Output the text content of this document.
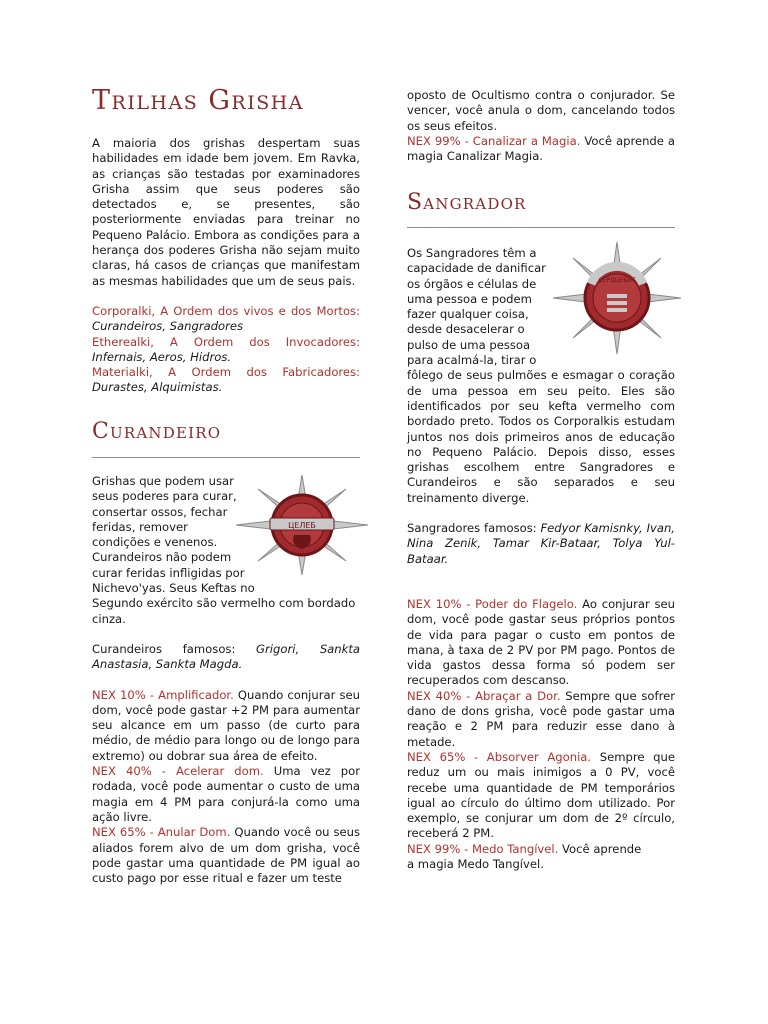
Trilhas Grisha

A maioria dos grishas despertam suas habilidades em idade bem jovem. Em Ravka, as crianças são testadas por examinadores Grisha assim que seus poderes são detectados e, se presentes, são posteriormente enviadas para treinar no Pequeno Palácio. Embora as condições para a herança dos poderes Grisha não sejam muito claras, há casos de crianças que manifestam as mesmas habilidades que um de seus pais.

Corporalki, A Ordem dos vivos e dos Mortos:

Curandeiros, Sangradores

Etherealki, A Ordem dos Invocadores:

Infernais, Aeros, Hidros.

Materialki, A Ordem dos Fabricadores:

Durastes, Alquimistas.

Curandeiro

Grishas que podem usar

seus poderes para curar,

consertar ossos, fechar

feridas, remover

condições e venenos.

Curandeiros não podem

curar feridas infligidas por

Nichevo'yas. Seus Keftas no

Segundo exército são vermelho com bordado cinza.

Curandeiros famosos: Grigori, Sankta Anastasia, Sankta Magda.

NEX 10% - Amplificador. Quando conjurar seu dom, você pode gastar +2 PM para aumentar seu alcance em um passo (de curto para médio, de médio para longo ou de longo para extremo) ou dobrar sua área de efeito.

NEX 40% - Acelerar dom. Uma vez por rodada, você pode aumentar o custo de uma magia em 4 PM para conjurá-la como uma ação livre.

NEX 65% - Anular Dom. Quando você ou seus aliados forem alvo de um dom grisha, você pode gastar uma quantidade de PM igual ao custo pago por esse ritual e fazer um teste

ЦЕЛЕБ

oposto de Ocultismo contra o conjurador. Se vencer, você anula o dom, cancelando todos os seus efeitos.

NEX 99% - Canalizar a Magia. Você aprende a magia Canalizar Magia.

Sangrador

Os Sangradores têm a

capacidade de danificar

os órgãos e células de

uma pessoa e podem

fazer qualquer coisa,

desde desacelerar o

pulso de uma pessoa

para acalmá-la, tirar o

fôlego de seus pulmões e esmagar o coração de uma pessoa em seu peito. Eles são identificados por seu kefta vermelho com bordado preto. Todos os Corporalkis estudam juntos nos dois primeiros anos de educação no Pequeno Palácio. Depois disso, esses grishas escolhem entre Sangradores e Curandeiros e são separados e seu treinamento diverge.

Sangradores famosos: Fedyor Kamisnky, Ivan, Nina Zenik, Tamar Kir-Bataar, Tolya Yul-Bataar.

NEX 10% - Poder do Flagelo. Ao conjurar seu dom, você pode gastar seus próprios pontos de vida para pagar o custo em pontos de mana, à taxa de 2 PV por PM pago. Pontos de vida gastos dessa forma só podem ser recuperados com descanso.

NEX 40% - Abraçar a Dor. Sempre que sofrer dano de dons grisha, você pode gastar uma reação e 2 PM para reduzir esse dano à metade.

NEX 65% - Absorver Agonia. Sempre que reduz um ou mais inimigos a 0 PV, você recebe uma quantidade de PM temporários igual ao círculo do último dom utilizado. Por exemplo, se conjurar um dom de 2º círculo, receberá 2 PM.

NEX 99% - Medo Tangível. Você aprende

a magia Medo Tangível.

СЕРДЦЕБИТ
